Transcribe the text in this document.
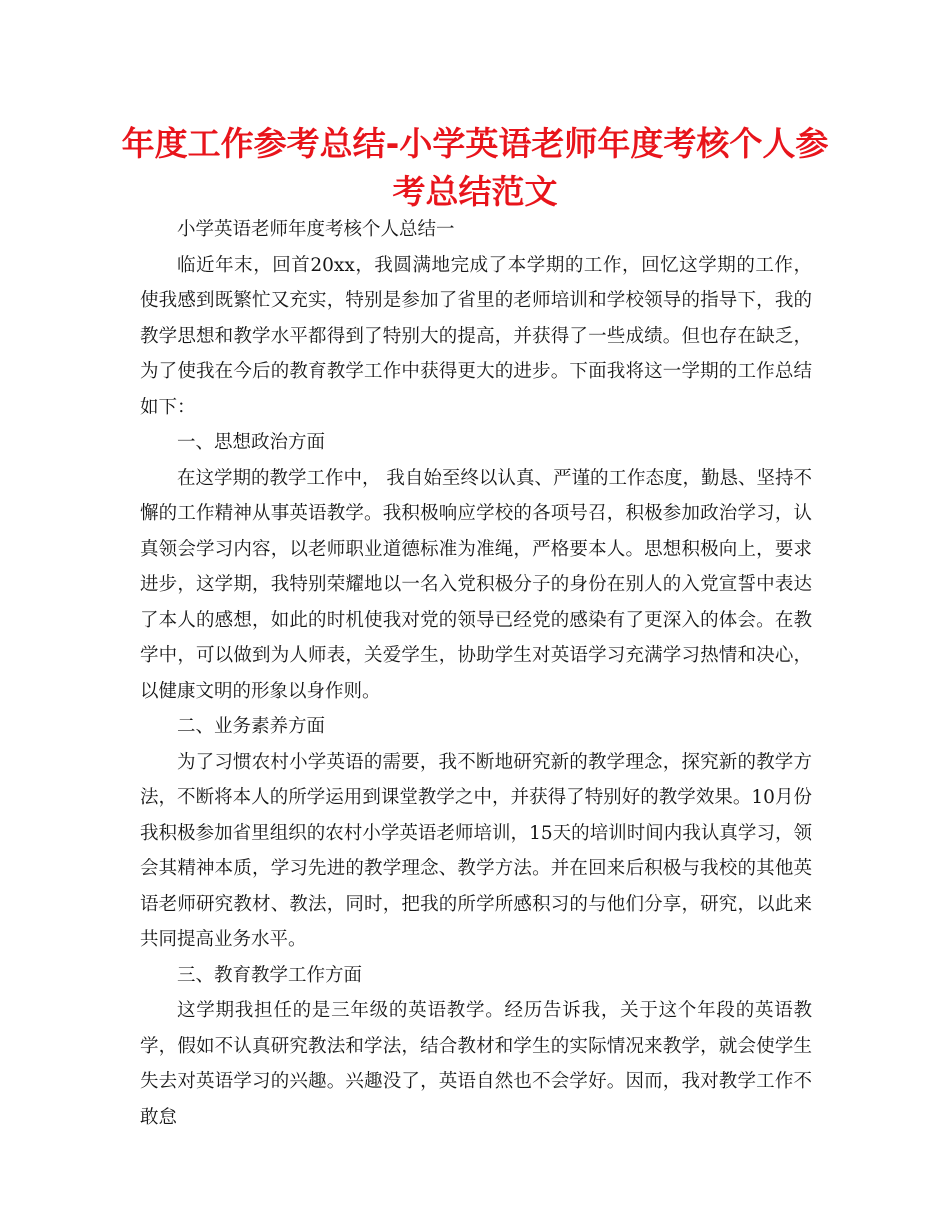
年度工作参考总结-小学英语老师年度考核个人参考总结范文

小学英语老师年度考核个人总结一

临近年末，回首20xx，我圆满地完成了本学期的工作，回忆这学期的工作，使我感到既繁忙又充实，特别是参加了省里的老师培训和学校领导的指导下，我的教学思想和教学水平都得到了特别大的提高，并获得了一些成绩。但也存在缺乏，为了使我在今后的教育教学工作中获得更大的进步。下面我将这一学期的工作总结如下：

一、思想政治方面

在这学期的教学工作中， 我自始至终以认真、严谨的工作态度，勤恳、坚持不懈的工作精神从事英语教学。我积极响应学校的各项号召，积极参加政治学习，认真领会学习内容，以老师职业道德标准为准绳，严格要本人。思想积极向上，要求进步，这学期，我特别荣耀地以一名入党积极分子的身份在别人的入党宣誓中表达了本人的感想，如此的时机使我对党的领导已经党的感染有了更深入的体会。在教学中，可以做到为人师表，关爱学生，协助学生对英语学习充满学习热情和决心，以健康文明的形象以身作则。

二、业务素养方面

为了习惯农村小学英语的需要，我不断地研究新的教学理念，探究新的教学方法，不断将本人的所学运用到课堂教学之中，并获得了特别好的教学效果。10月份我积极参加省里组织的农村小学英语老师培训，15天的培训时间内我认真学习，领会其精神本质，学习先进的教学理念、教学方法。并在回来后积极与我校的其他英语老师研究教材、教法，同时，把我的所学所感积习的与他们分享，研究，以此来共同提高业务水平。

三、教育教学工作方面

这学期我担任的是三年级的英语教学。经历告诉我，关于这个年段的英语教学，假如不认真研究教法和学法，结合教材和学生的实际情况来教学，就会使学生失去对英语学习的兴趣。兴趣没了，英语自然也不会学好。因而，我对教学工作不敢怠
